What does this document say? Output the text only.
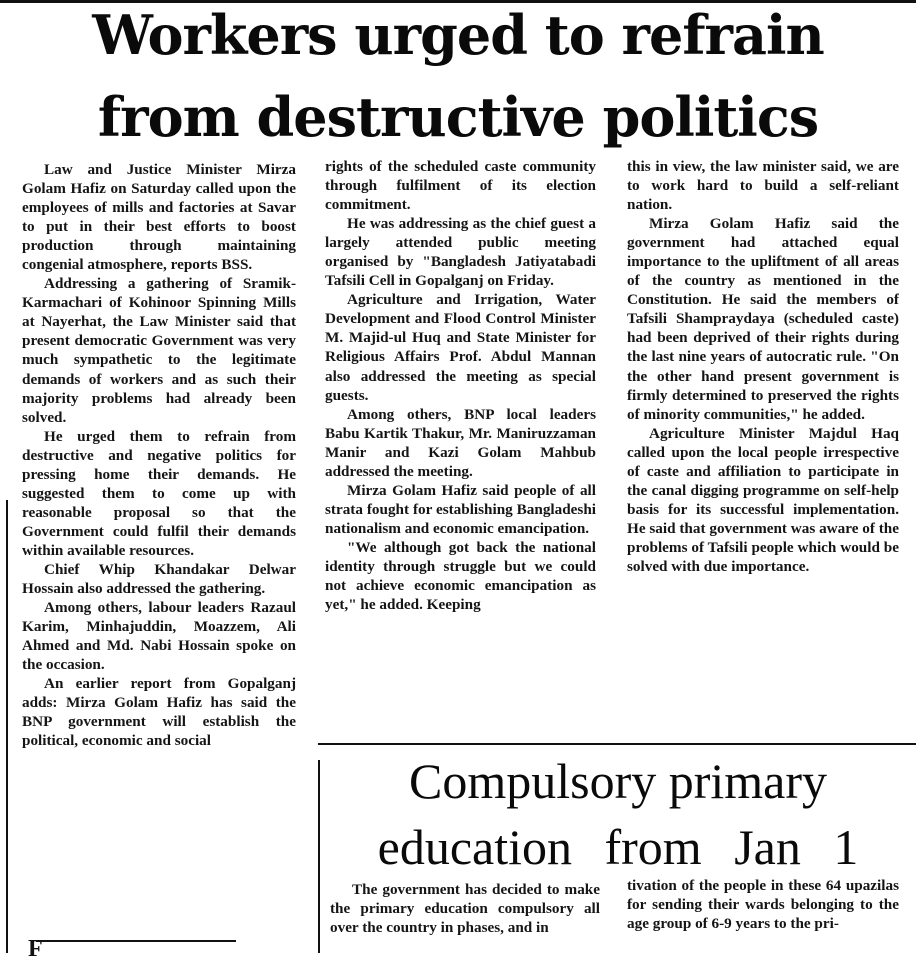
Workers urged to refrain
from destructive politics

Law and Justice Minister Mirza Golam Hafiz on Saturday called upon the employees of mills and factories at Savar to put in their best efforts to boost production through maintaining congenial atmosphere, reports BSS.

Addressing a gathering of Sramik-Karmachari of Kohinoor Spinning Mills at Nayerhat, the Law Minister said that present democratic Government was very much sympathetic to the legitimate demands of workers and as such their majority problems had already been solved.

He urged them to refrain from destructive and negative politics for pressing home their demands. He suggested them to come up with reasonable proposal so that the Government could fulfil their demands within available resources.

Chief Whip Khandakar Delwar Hossain also addressed the gathering.

Among others, labour leaders Razaul Karim, Minhajuddin, Moazzem, Ali Ahmed and Md. Nabi Hossain spoke on the occasion.

An earlier report from Gopalganj adds: Mirza Golam Hafiz has said the BNP government will establish the political, economic and social

rights of the scheduled caste community through fulfilment of its election commitment.

He was addressing as the chief guest a largely attended public meeting organised by "Bangladesh Jatiyatabadi Tafsili Cell in Gopalganj on Friday.

Agriculture and Irrigation, Water Development and Flood Control Minister M. Majid-ul Huq and State Minister for Religious Affairs Prof. Abdul Mannan also addressed the meeting as special guests.

Among others, BNP local leaders Babu Kartik Thakur, Mr. Maniruzzaman Manir and Kazi Golam Mahbub addressed the meeting.

Mirza Golam Hafiz said people of all strata fought for establishing Bangladeshi nationalism and economic emancipation.

"We although got back the national identity through struggle but we could not achieve economic emancipation as yet," he added. Keeping

this in view, the law minister said, we are to work hard to build a self-reliant nation.

Mirza Golam Hafiz said the government had attached equal importance to the upliftment of all areas of the country as mentioned in the Constitution. He said the members of Tafsili Shampraydaya (scheduled caste) had been deprived of their rights during the last nine years of autocratic rule. "On the other hand present government is firmly determined to preserved the rights of minority communities," he added.

Agriculture Minister Majdul Haq called upon the local people irrespective of caste and affiliation to participate in the canal digging programme on self-help basis for its successful implementation. He said that government was aware of the problems of Tafsili people which would be solved with due importance.

Compulsory primary
education from Jan 1

The government has decided to make the primary education compulsory all over the country in phases, and in

tivation of the people in these 64 upazilas for sending their wards belonging to the age group of 6-9 years to the pri-

F
